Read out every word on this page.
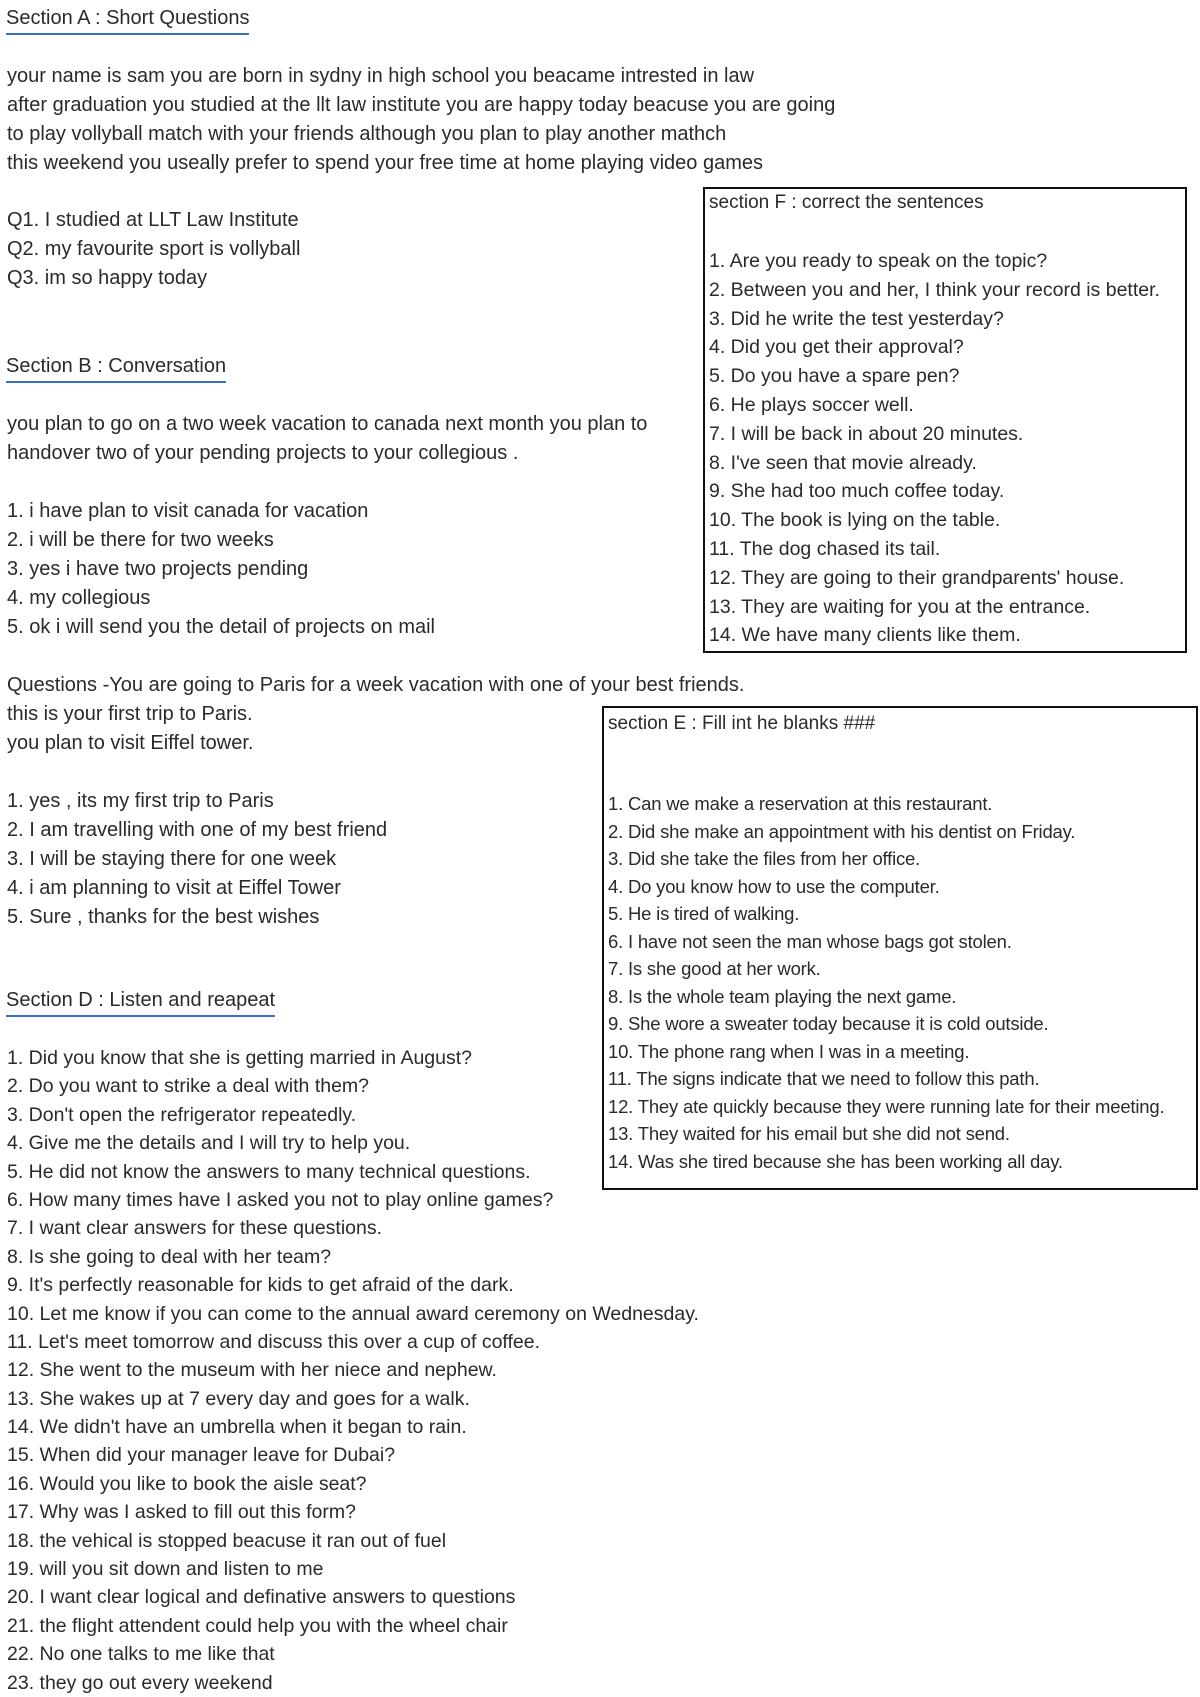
Section A : Short Questions
your name is sam you are born in sydny in high school you beacame intrested in law
after graduation you studied at the llt law institute you are happy today beacuse you are going
to play vollyball match with your friends although you plan to play another mathch
this weekend you useally prefer to spend your free time at home playing video games
Q1. I studied at LLT Law Institute
Q2. my favourite sport is vollyball
Q3. im so happy today
Section B : Conversation
you plan to go on a two week vacation to canada next month you plan to
handover two of your pending projects to your collegious .
1. i have plan to visit canada for vacation
2. i will be there for two weeks
3. yes i have two projects pending
4. my collegious
5. ok i will send you the detail of projects on mail
Questions -You are going to Paris for a week vacation with one of your best friends.
this is your first trip to Paris.
you plan to visit Eiffel tower.
1. yes , its my first trip to Paris
2. I am travelling with one of my best friend
3. I will be staying there for one week
4. i am planning to visit at Eiffel Tower
5. Sure , thanks for the best wishes
Section D : Listen and reapeat
1. Did you know that she is getting married in August?
2. Do you want to strike a deal with them?
3. Don't open the refrigerator repeatedly.
4. Give me the details and I will try to help you.
5. He did not know the answers to many technical questions.
6. How many times have I asked you not to play online games?
7. I want clear answers for these questions.
8. Is she going to deal with her team?
9. It's perfectly reasonable for kids to get afraid of the dark.
10. Let me know if you can come to the annual award ceremony on Wednesday.
11. Let's meet tomorrow and discuss this over a cup of coffee.
12. She went to the museum with her niece and nephew.
13. She wakes up at 7 every day and goes for a walk.
14. We didn't have an umbrella when it began to rain.
15. When did your manager leave for Dubai?
16. Would you like to book the aisle seat?
17. Why was I asked to fill out this form?
18. the vehical is stopped beacuse it ran out of fuel
19. will you sit down and listen to me
20. I want clear logical and definative answers to questions
21. the flight attendent could help you with the wheel chair
22. No one talks to me like that
23. they go out every weekend
section F : correct the sentences
1. Are you ready to speak on the topic?
2. Between you and her, I think your record is better.
3. Did he write the test yesterday?
4. Did you get their approval?
5. Do you have a spare pen?
6. He plays soccer well.
7. I will be back in about 20 minutes.
8. I've seen that movie already.
9. She had too much coffee today.
10. The book is lying on the table.
11. The dog chased its tail.
12. They are going to their grandparents' house.
13. They are waiting for you at the entrance.
14. We have many clients like them.
section E : Fill int he blanks ###
1. Can we make a reservation at this restaurant.
2. Did she make an appointment with his dentist on Friday.
3. Did she take the files from her office.
4. Do you know how to use the computer.
5. He is tired of walking.
6. I have not seen the man whose bags got stolen.
7. Is she good at her work.
8. Is the whole team playing the next game.
9. She wore a sweater today because it is cold outside.
10. The phone rang when I was in a meeting.
11. The signs indicate that we need to follow this path.
12. They ate quickly because they were running late for their meeting.
13. They waited for his email but she did not send.
14. Was she tired because she has been working all day.
